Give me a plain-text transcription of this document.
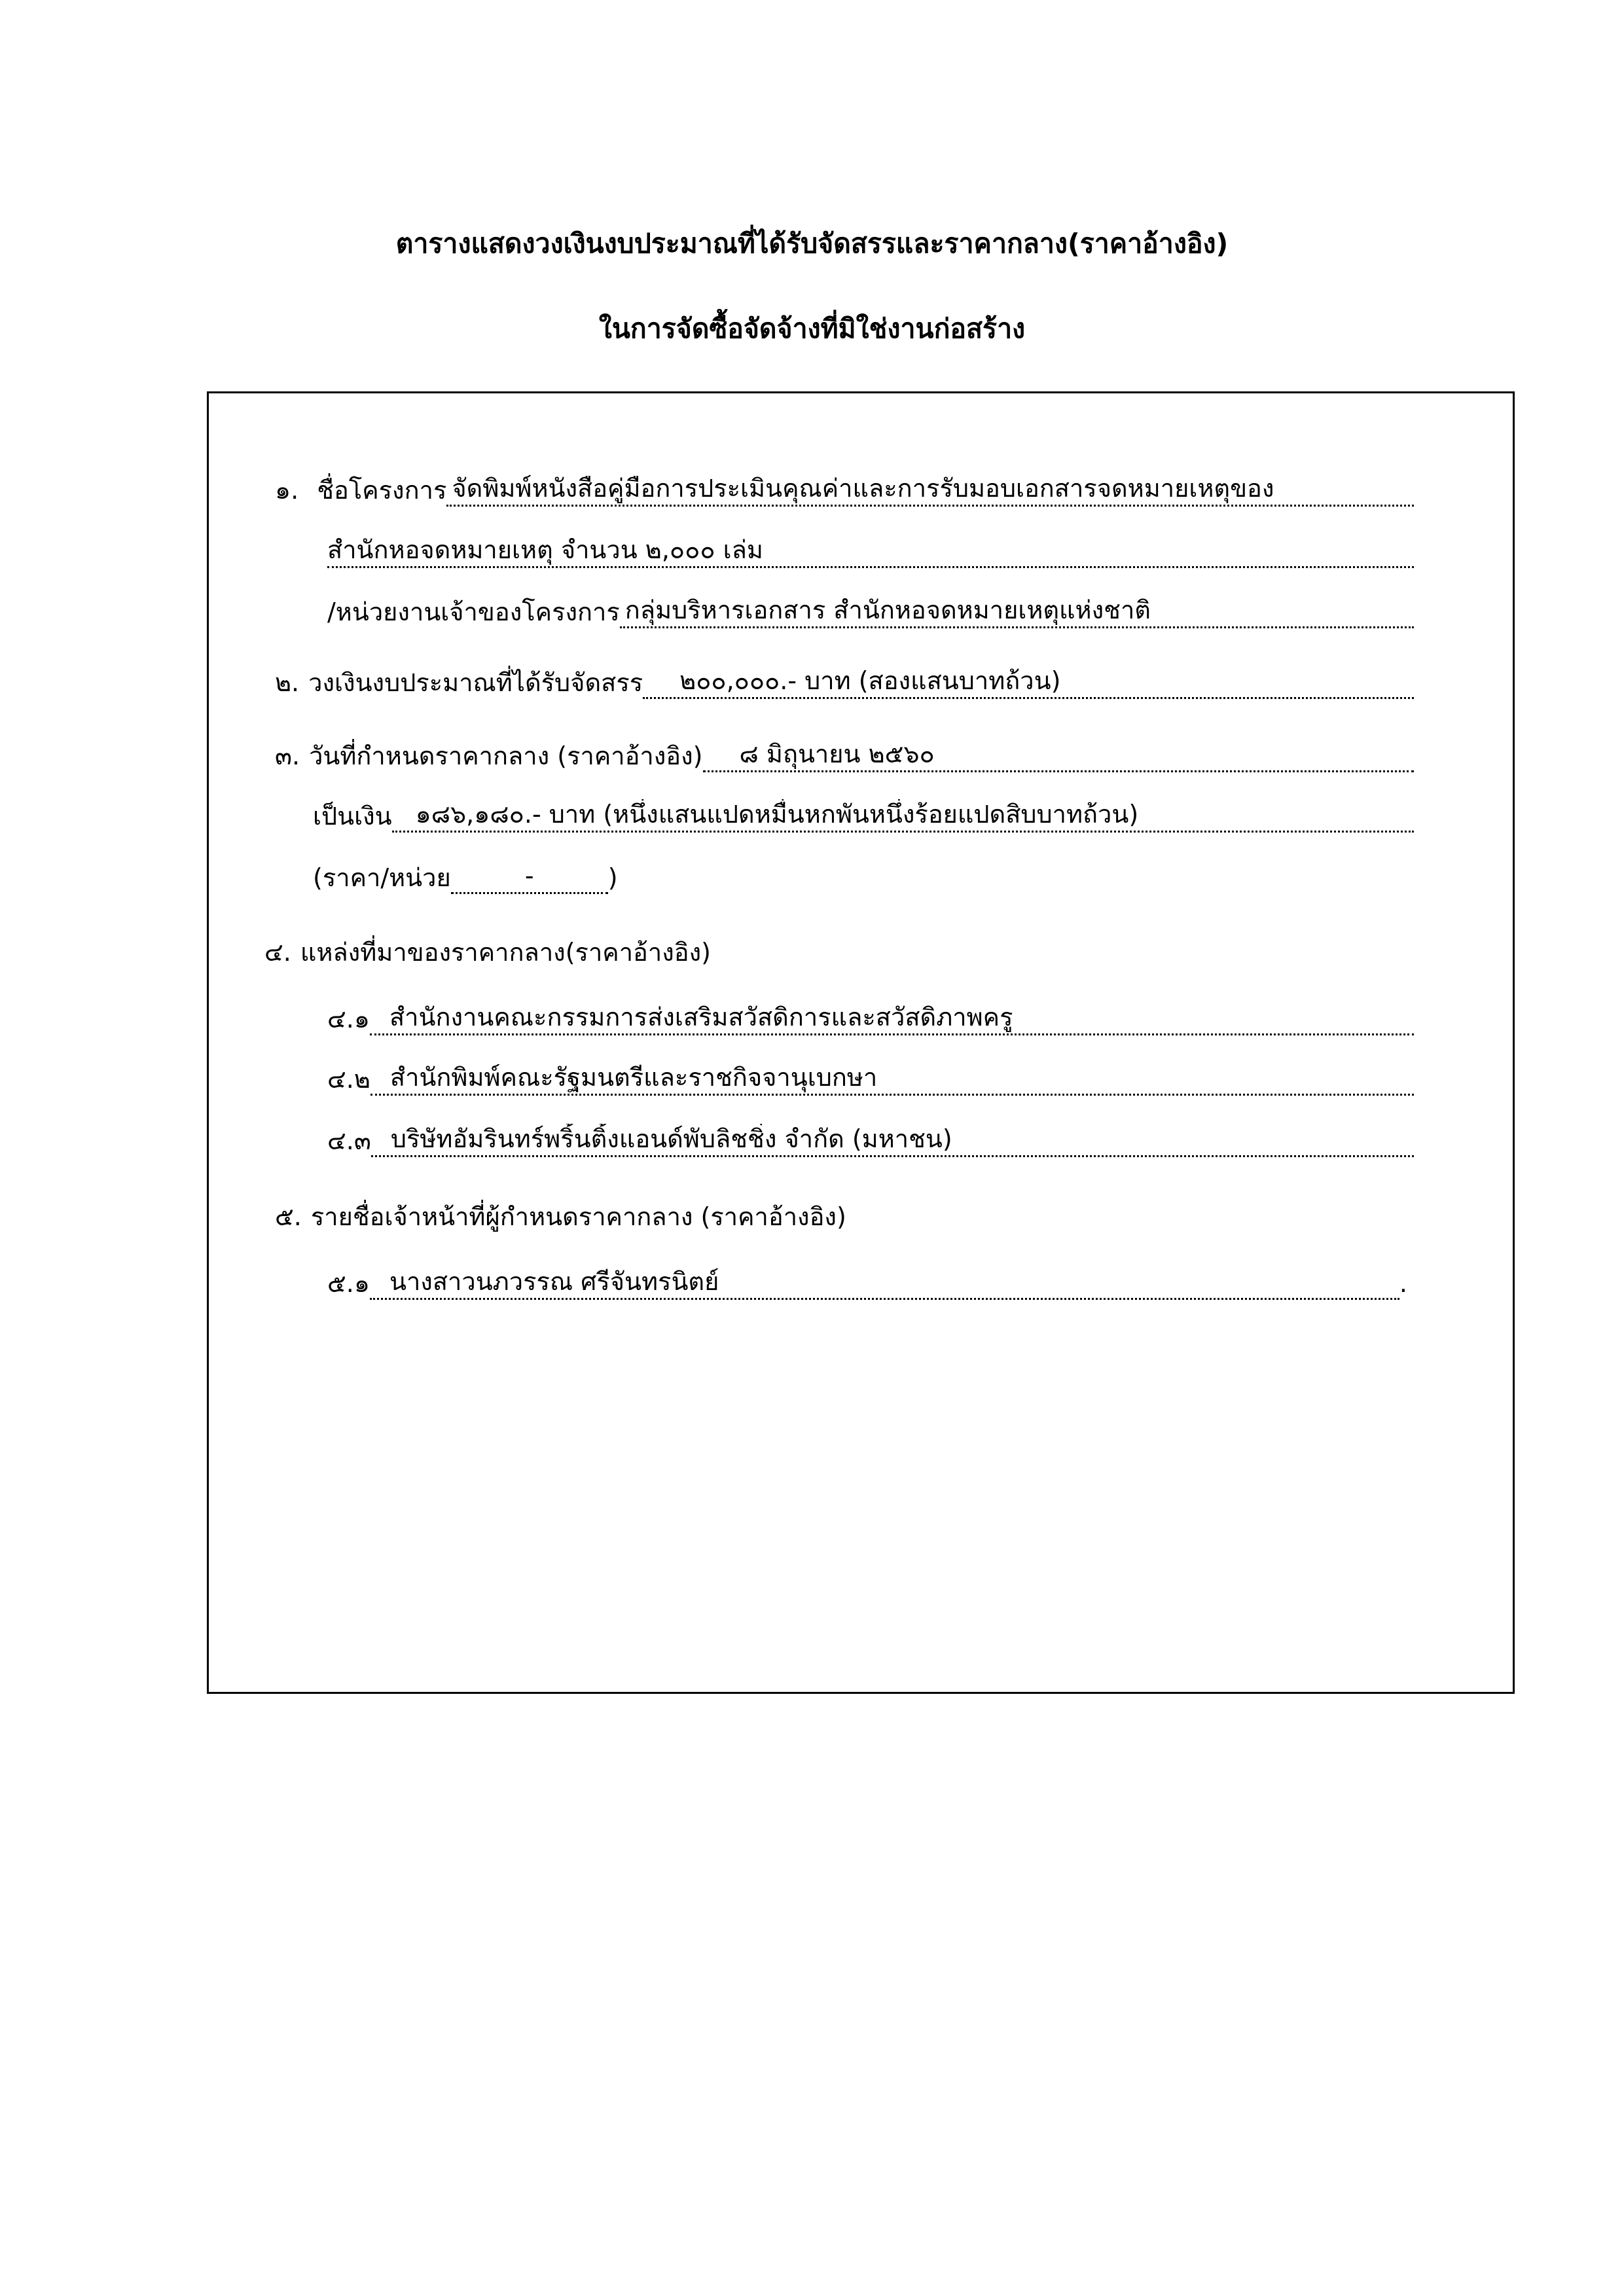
ตารางแสดงวงเงินงบประมาณที่ได้รับจัดสรรและราคากลาง(ราคาอ้างอิง)
ในการจัดซื้อจัดจ้างที่มิใช่งานก่อสร้าง
๑. ชื่อโครงการ จัดพิมพ์หนังสือคู่มือการประเมินคุณค่าและการรับมอบเอกสารจดหมายเหตุของ
สำนักหอจดหมายเหตุ จำนวน ๒,๐๐๐ เล่ม
/หน่วยงานเจ้าของโครงการ กลุ่มบริหารเอกสาร สำนักหอจดหมายเหตุแห่งชาติ
๒. วงเงินงบประมาณที่ได้รับจัดสรร	๒๐๐,๐๐๐.- บาท (สองแสนบาทถ้วน)
๓. วันที่กำหนดราคากลาง (ราคาอ้างอิง)	๘ มิถุนายน ๒๕๖๐
เป็นเงิน ๑๘๖,๑๘๐.- บาท (หนึ่งแสนแปดหมื่นหกพันหนึ่งร้อยแปดสิบบาทถ้วน)
(ราคา/หน่วย	-	)
๔. แหล่งที่มาของราคากลาง(ราคาอ้างอิง)
๔.๑ สำนักงานคณะกรรมการส่งเสริมสวัสดิการและสวัสดิภาพครู
๔.๒ สำนักพิมพ์คณะรัฐมนตรีและราชกิจจานุเบกษา
๔.๓ บริษัทอัมรินทร์พริ้นติ้งแอนด์พับลิชชิ่ง จำกัด (มหาชน)
๕. รายชื่อเจ้าหน้าที่ผู้กำหนดราคากลาง (ราคาอ้างอิง)
๕.๑ นางสาวนภวรรณ ศรีจันทรนิตย์	.
